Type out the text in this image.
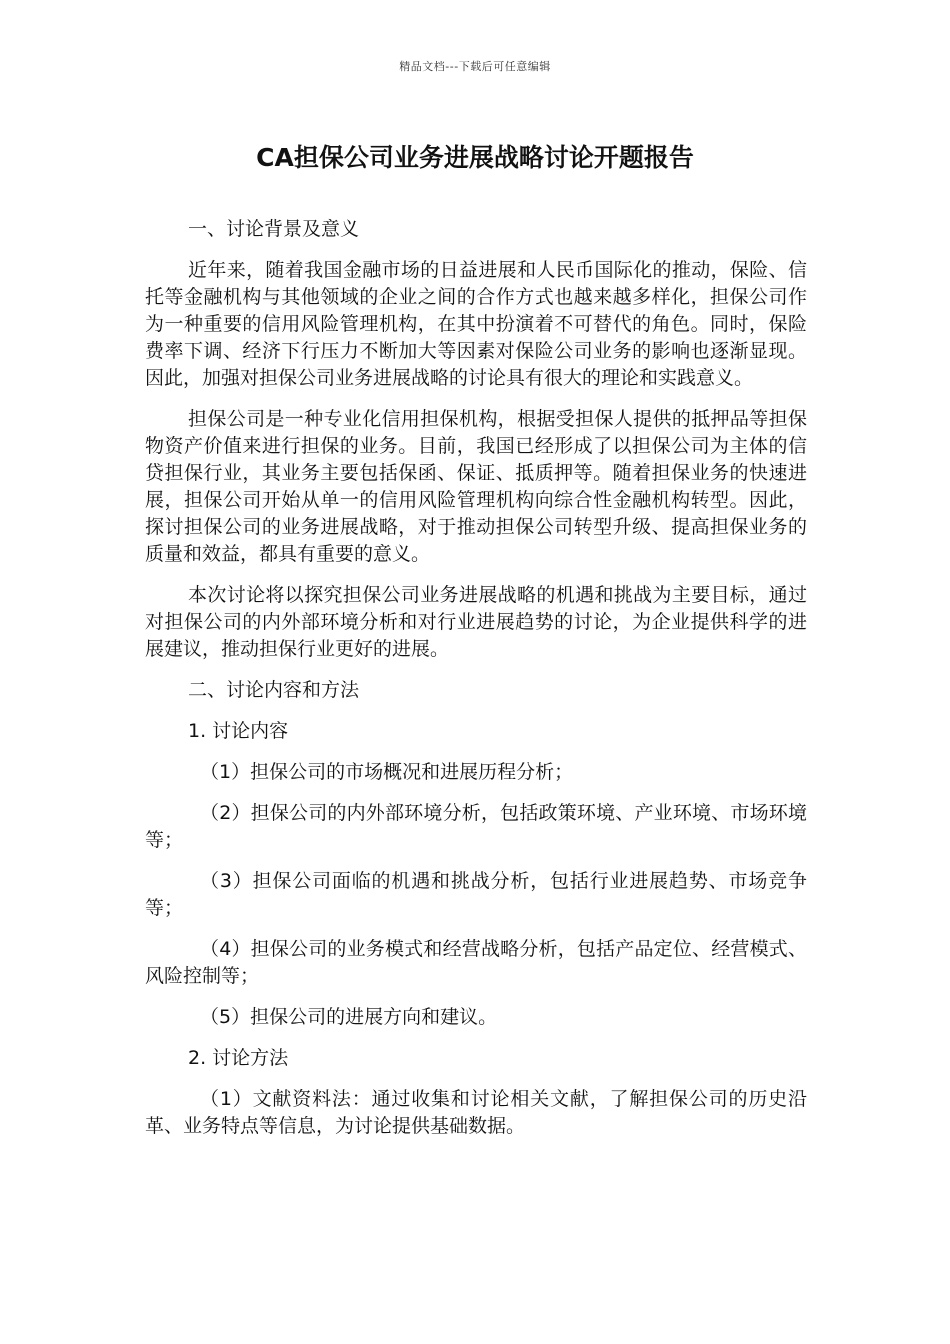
精品文档---下载后可任意编辑
CA担保公司业务进展战略讨论开题报告

一、讨论背景及意义

近年来，随着我国金融市场的日益进展和人民币国际化的推动，保险、信托等金融机构与其他领域的企业之间的合作方式也越来越多样化，担保公司作为一种重要的信用风险管理机构，在其中扮演着不可替代的角色。同时，保险费率下调、经济下行压力不断加大等因素对保险公司业务的影响也逐渐显现。因此，加强对担保公司业务进展战略的讨论具有很大的理论和实践意义。

担保公司是一种专业化信用担保机构，根据受担保人提供的抵押品等担保物资产价值来进行担保的业务。目前，我国已经形成了以担保公司为主体的信贷担保行业，其业务主要包括保函、保证、抵质押等。随着担保业务的快速进展，担保公司开始从单一的信用风险管理机构向综合性金融机构转型。因此，探讨担保公司的业务进展战略，对于推动担保公司转型升级、提高担保业务的质量和效益，都具有重要的意义。

本次讨论将以探究担保公司业务进展战略的机遇和挑战为主要目标，通过对担保公司的内外部环境分析和对行业进展趋势的讨论，为企业提供科学的进展建议，推动担保行业更好的进展。

二、讨论内容和方法

1. 讨论内容

（1）担保公司的市场概况和进展历程分析；

（2）担保公司的内外部环境分析，包括政策环境、产业环境、市场环境等；

（3）担保公司面临的机遇和挑战分析，包括行业进展趋势、市场竞争等；

（4）担保公司的业务模式和经营战略分析，包括产品定位、经营模式、风险控制等；

（5）担保公司的进展方向和建议。

2. 讨论方法

（1）文献资料法：通过收集和讨论相关文献，了解担保公司的历史沿革、业务特点等信息，为讨论提供基础数据。
